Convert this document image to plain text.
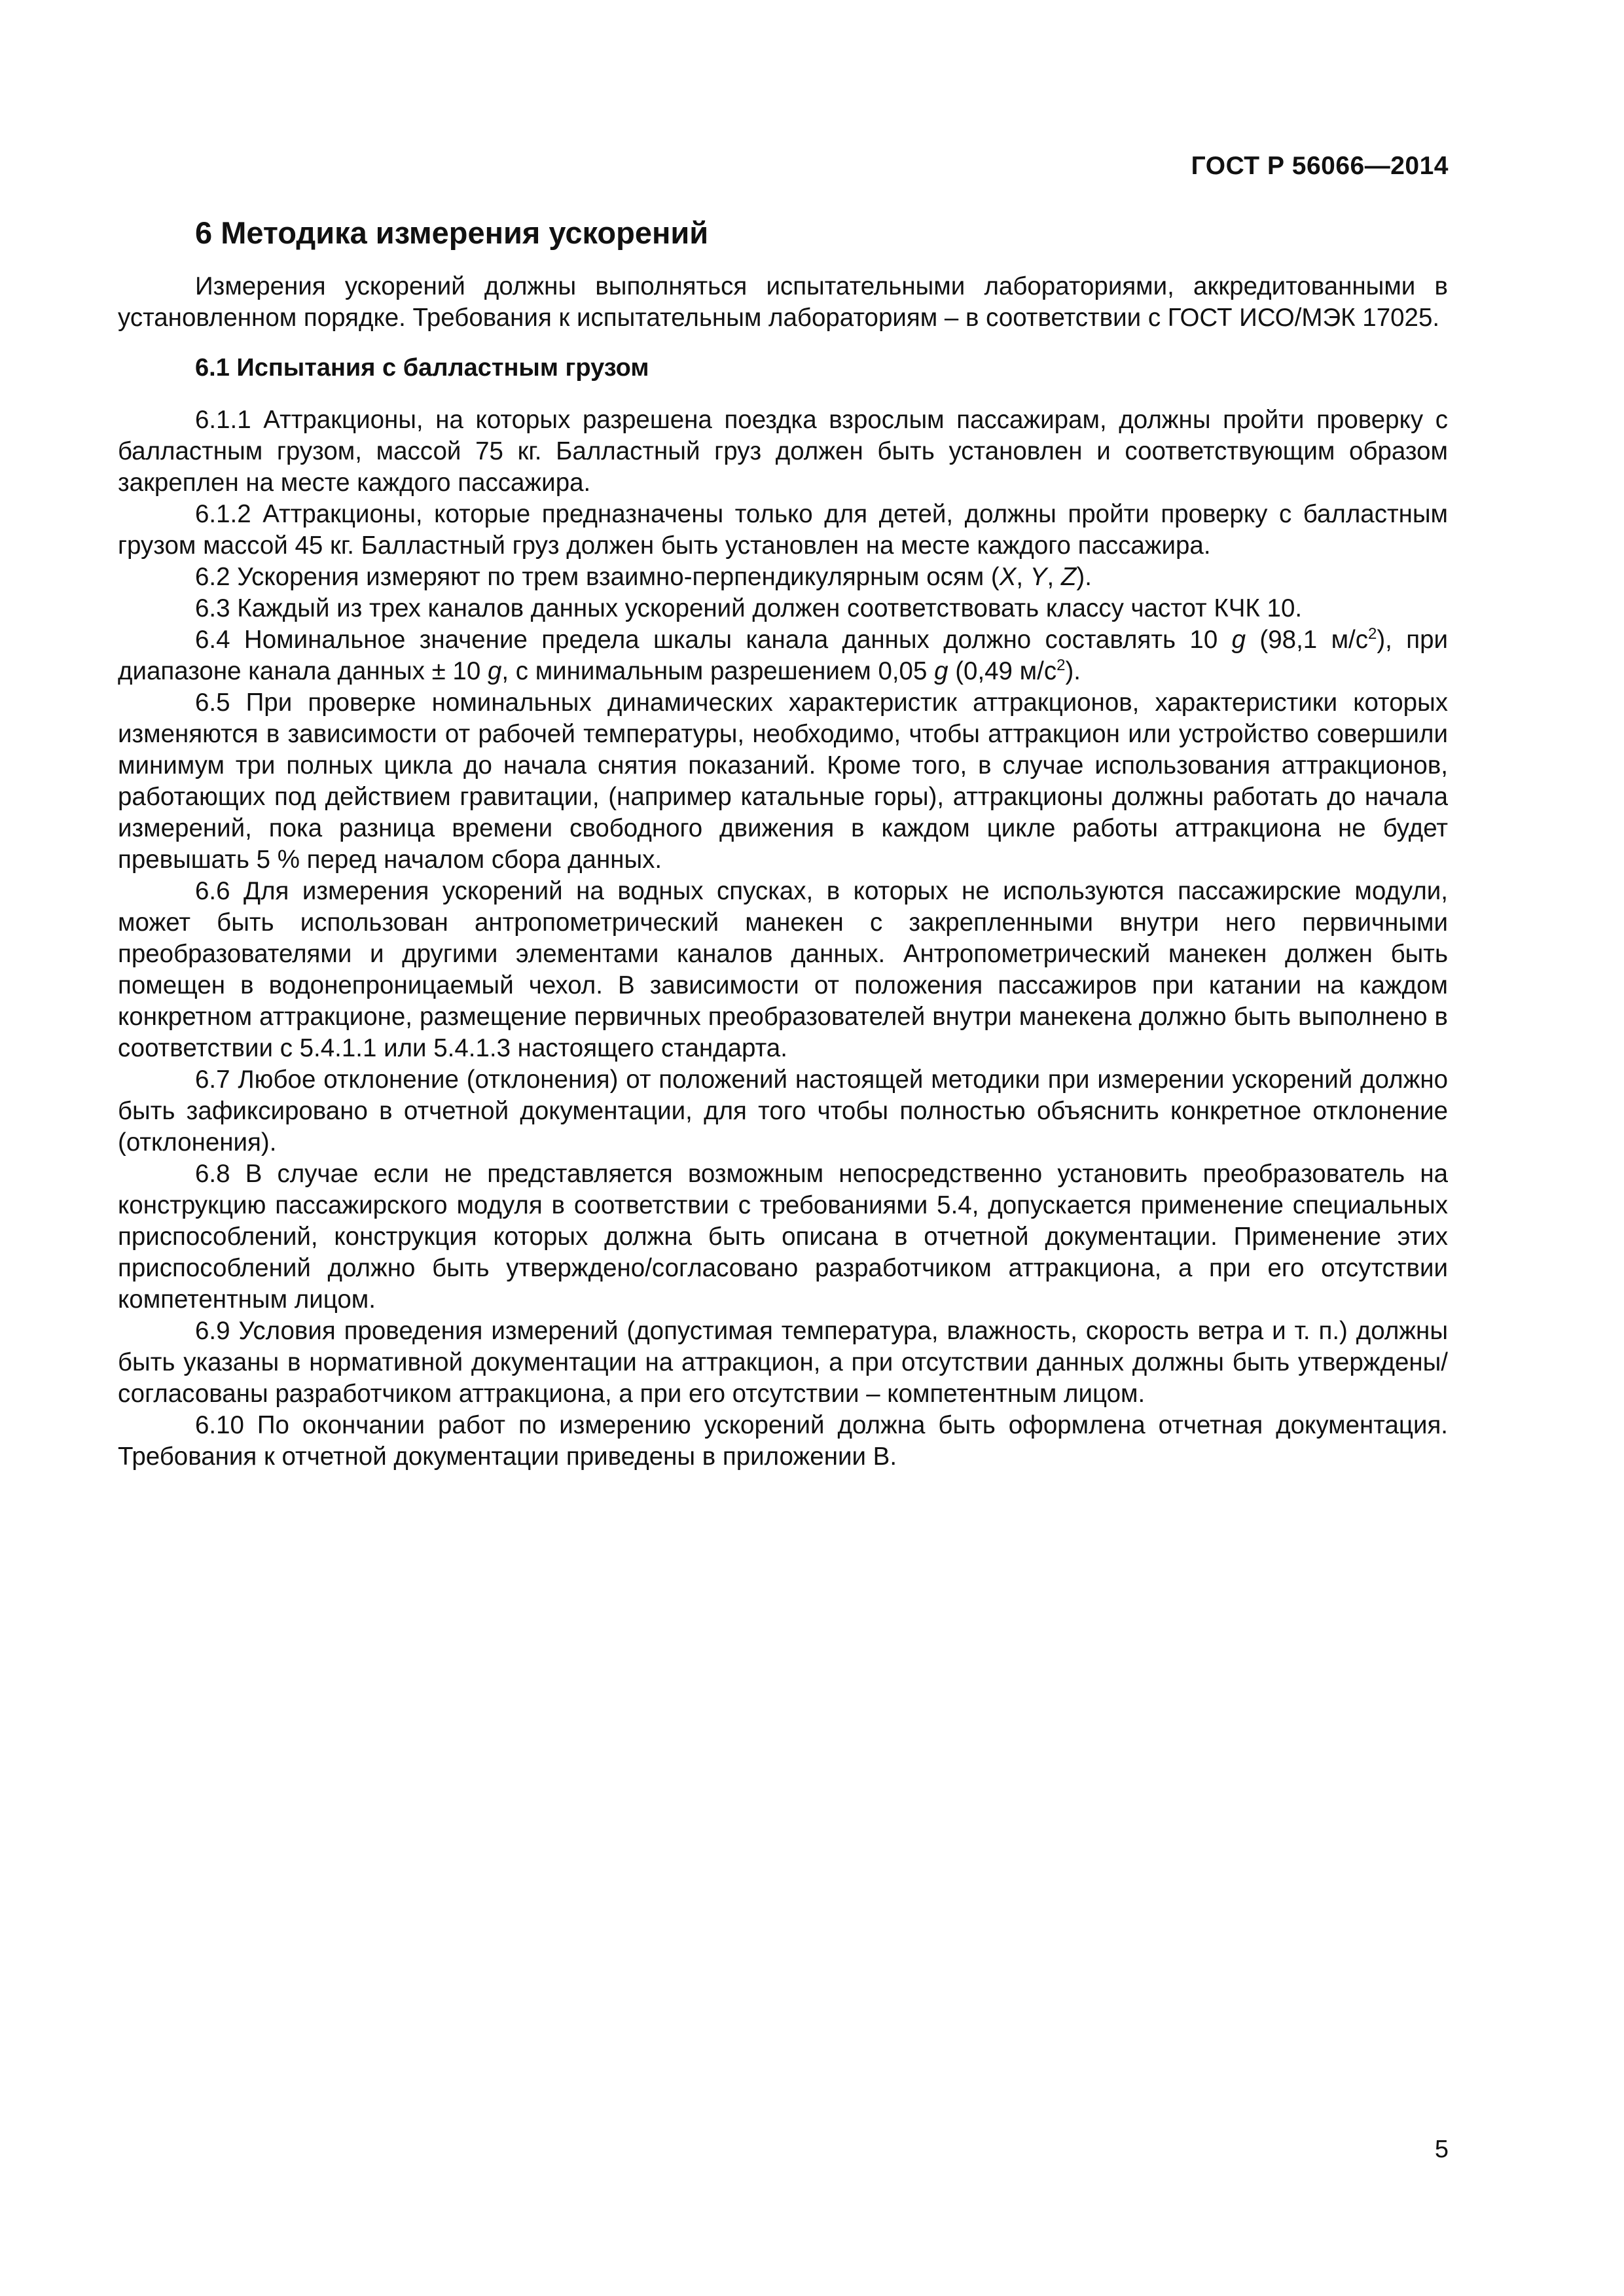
ГОСТ Р 56066—2014
6 Методика измерения ускорений

Измерения ускорений должны выполняться испытательными лабораториями, аккредитованными в установленном порядке. Требования к испытательным лабораториям – в соответствии с ГОСТ ИСО/МЭК 17025.

6.1 Испытания с балластным грузом

6.1.1 Аттракционы, на которых разрешена поездка взрослым пассажирам, должны пройти проверку с балластным грузом, массой 75 кг. Балластный груз должен быть установлен и соответствующим образом закреплен на месте каждого пассажира.

6.1.2 Аттракционы, которые предназначены только для детей, должны пройти проверку с балластным грузом массой 45 кг. Балластный груз должен быть установлен на месте каждого пассажира.

6.2 Ускорения измеряют по трем взаимно-перпендикулярным осям (X, Y, Z).

6.3 Каждый из трех каналов данных ускорений должен соответствовать классу частот КЧК 10.

6.4 Номинальное значение предела шкалы канала данных должно составлять 10 g (98,1 $м/с^2$), при диапазоне канала данных ± 10 g, с минимальным разрешением 0,05 g (0,49 $м/с^2$).

6.5 При проверке номинальных динамических характеристик аттракционов, характеристики которых изменяются в зависимости от рабочей температуры, необходимо, чтобы аттракцион или устройство совершили минимум три полных цикла до начала снятия показаний. Кроме того, в случае использования аттракционов, работающих под действием гравитации, (например катальные горы), аттракционы должны работать до начала измерений, пока разница времени свободного движения в каждом цикле работы аттракциона не будет превышать 5 % перед началом сбора данных.

6.6 Для измерения ускорений на водных спусках, в которых не используются пассажирские модули, может быть использован антропометрический манекен с закрепленными внутри него первичными преобразователями и другими элементами каналов данных. Антропометрический манекен должен быть помещен в водонепроницаемый чехол. В зависимости от положения пассажиров при катании на каждом конкретном аттракционе, размещение первичных преобразователей внутри манекена должно быть выполнено в соответствии с 5.4.1.1 или 5.4.1.3 настоящего стандарта.

6.7 Любое отклонение (отклонения) от положений настоящей методики при измерении ускорений должно быть зафиксировано в отчетной документации, для того чтобы полностью объяснить конкретное отклонение (отклонения).

6.8 В случае если не представляется возможным непосредственно установить преобразователь на конструкцию пассажирского модуля в соответствии с требованиями 5.4, допускается применение специальных приспособлений, конструкция которых должна быть описана в отчетной документации. Применение этих приспособлений должно быть утверждено/согласовано разработчиком аттракциона, а при его отсутствии компетентным лицом.

6.9 Условия проведения измерений (допустимая температура, влажность, скорость ветра и т. п.) должны быть указаны в нормативной документации на аттракцион, а при отсутствии данных должны быть утверждены/согласованы разработчиком аттракциона, а при его отсутствии – компетентным лицом.

6.10 По окончании работ по измерению ускорений должна быть оформлена отчетная документация. Требования к отчетной документации приведены в приложении В.

5
